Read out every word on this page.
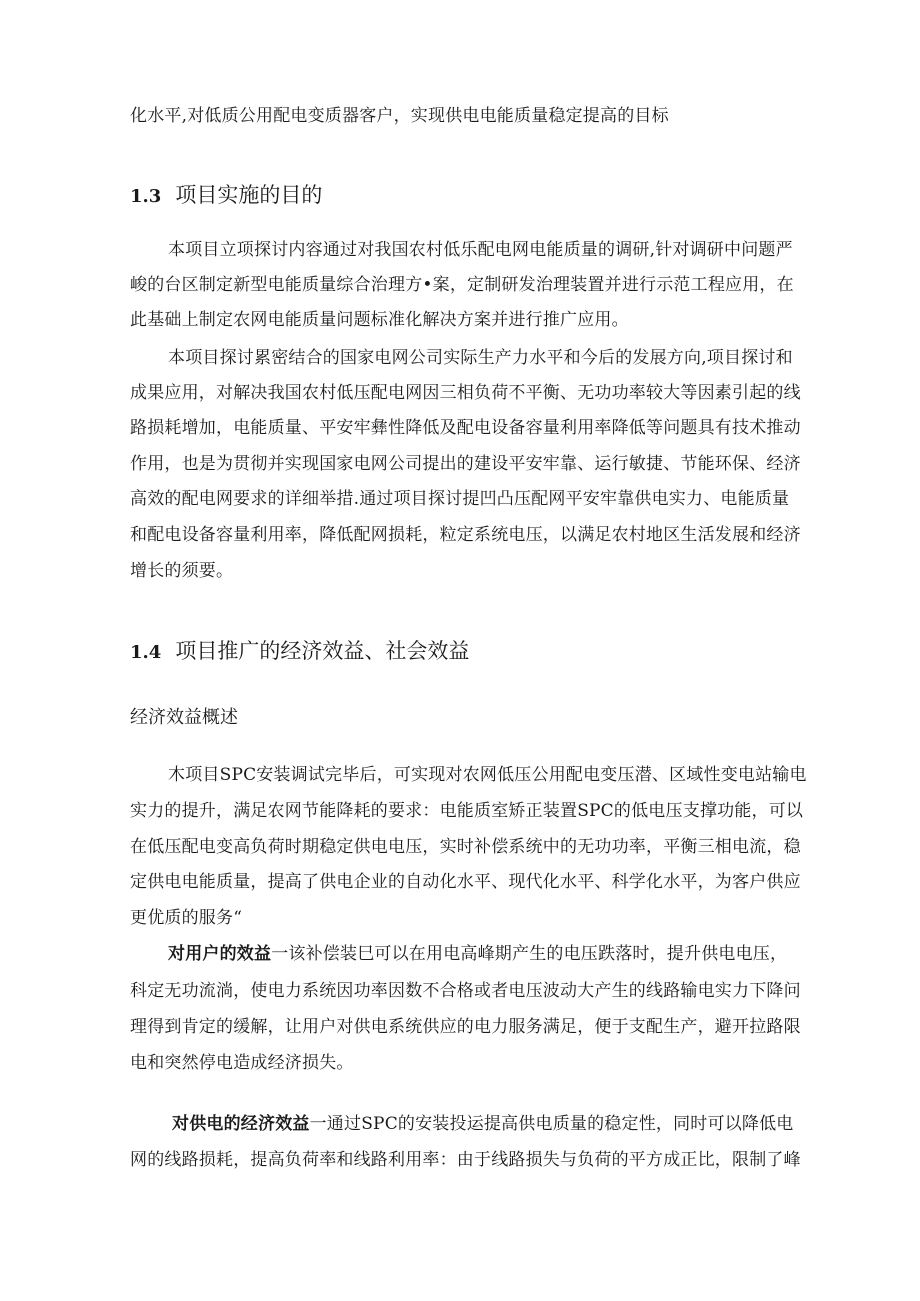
化水平,对低质公用配电变质器客户，实现供电电能质量稳定提高的目标
1.3 项目实施的目的
本项目立项探讨内容通过对我国农村低乐配电网电能质量的调研,针对调研中问题严
峻的台区制定新型电能质量综合治理方•案，定制研发治理装置并进行示范工程应用，在
此基础上制定农网电能质量问题标准化解决方案并进行推广应用。
本项目探讨累密结合的国家电网公司实际生产力水平和今后的发展方向,项目探讨和
成果应用，对解决我国农村低压配电网因三相负荷不平衡、无功功率较大等因素引起的线
路损耗增加，电能质量、平安牢彝性降低及配电设备容量利用率降低等问题具有技术推动
作用，也是为贯彻并实现国家电网公司提出的建设平安牢靠、运行敏捷、节能环保、经济
高效的配电网要求的详细举措.通过项目探讨提凹凸压配网平安牢靠供电实力、电能质量
和配电设备容量利用率，降低配网损耗，粒定系统电压，以满足农村地区生活发展和经济
增长的须要。
1.4 项目推广的经济效益、社会效益
经济效益概述
木项目SPC安装调试完毕后，可实现对农网低压公用配电变压潜、区域性变电站输电
实力的提升，满足农网节能降耗的要求：电能质室矫正装置SPC的低电压支撑功能，可以
在低压配电变高负荷时期稳定供电电压，实时补偿系统中的无功功率，平衡三相电流，稳
定供电电能质量，提高了供电企业的自动化水平、现代化水平、科学化水平，为客户供应
更优质的服务“
对用户的效益一该补偿装巳可以在用电高峰期产生的电压跌落时，提升供电电压，
科定无功流淌，使电力系统因功率因数不合格或者电压波动大产生的线路输电实力下降问
理得到肯定的缓解，让用户对供电系统供应的电力服务满足，便于支配生产，避开拉路限
电和突然停电造成经济损失。
对供电的经济效益一通过SPC的安装投运提高供电质量的稳定性，同时可以降低电
网的线路损耗，提高负荷率和线路利用率：由于线路损失与负荷的平方成正比，限制了峰
